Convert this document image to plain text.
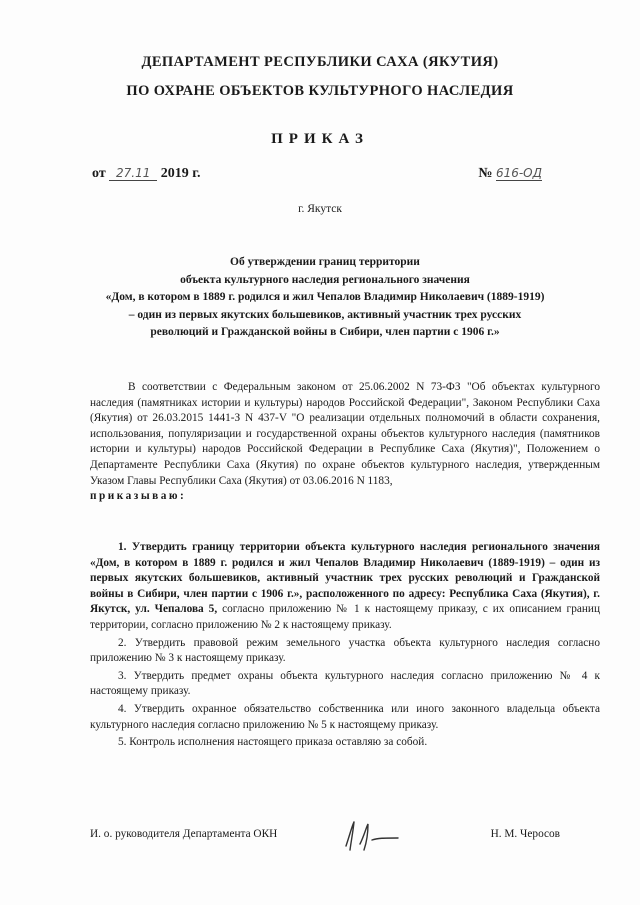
ДЕПАРТАМЕНТ РЕСПУБЛИКИ САХА (ЯКУТИЯ)
ПО ОХРАНЕ ОБЪЕКТОВ КУЛЬТУРНОГО НАСЛЕДИЯ
ПРИКАЗ
от 27.11 2019 г.	№ 616-ОД
г. Якутск
Об утверждении границ территории
объекта культурного наследия регионального значения
«Дом, в котором в 1889 г. родился и жил Чепалов Владимир Николаевич (1889-1919)
– один из первых якутских большевиков, активный участник трех русских
революций и Гражданской войны в Сибири, член партии с 1906 г.»

В соответствии с Федеральным законом от 25.06.2002 N 73-ФЗ "Об объектах культурного наследия (памятниках истории и культуры) народов Российской Федерации", Законом Республики Саха (Якутия) от 26.03.2015 1441-З N 437-V "О реализации отдельных полномочий в области сохранения, использования, популяризации и государственной охраны объектов культурного наследия (памятников истории и культуры) народов Российской Федерации в Республике Саха (Якутия)", Положением о Департаменте Республики Саха (Якутия) по охране объектов культурного наследия, утвержденным Указом Главы Республики Саха (Якутия) от 03.06.2016 N 1183,

приказываю:

1. Утвердить границу территории объекта культурного наследия регионального значения «Дом, в котором в 1889 г. родился и жил Чепалов Владимир Николаевич (1889-1919) – один из первых якутских большевиков, активный участник трех русских революций и Гражданской войны в Сибири, член партии с 1906 г.», расположенного по адресу: Республика Саха (Якутия), г. Якутск, ул. Чепалова 5, согласно приложению № 1 к настоящему приказу, с их описанием границ территории, согласно приложению № 2 к настоящему приказу.

2. Утвердить правовой режим земельного участка объекта культурного наследия согласно приложению № 3 к настоящему приказу.

3. Утвердить предмет охраны объекта культурного наследия согласно приложению № 4 к настоящему приказу.

4. Утвердить охранное обязательство собственника или иного законного владельца объекта культурного наследия согласно приложению № 5 к настоящему приказу.

5. Контроль исполнения настоящего приказа оставляю за собой.

И. о. руководителя Департамента ОКН	Н. М. Черосов
